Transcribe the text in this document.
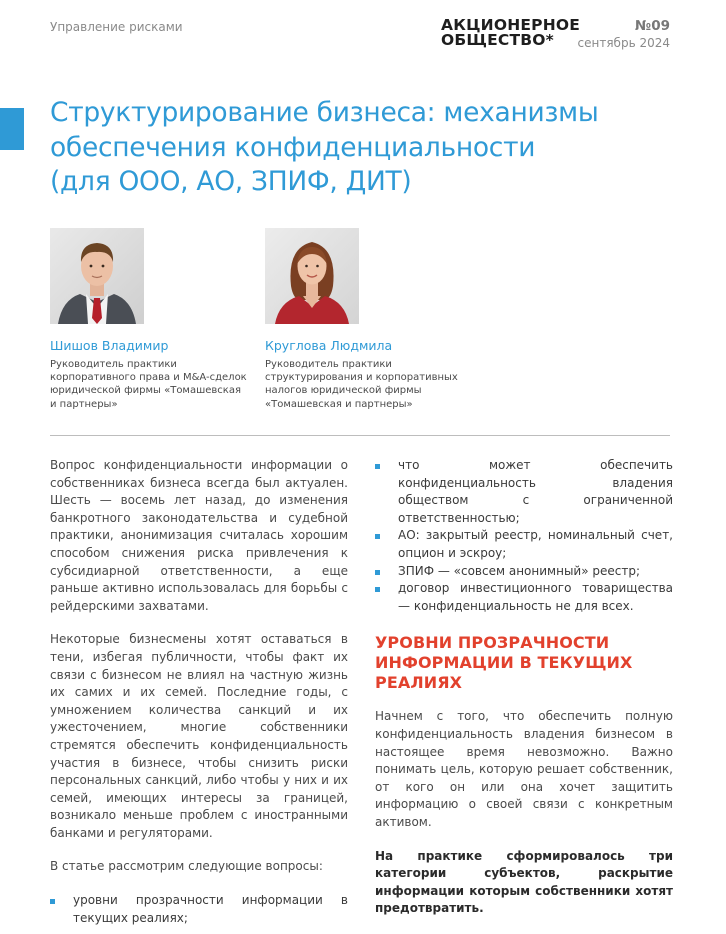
Управление рисками	АКЦИОНЕРНОЕ
ОБЩЕСТВО*
№09
сентябрь 2024
Структурирование бизнеса: механизмы
обеспечения конфиденциальности
(для ООО, АО, ЗПИФ, ДИТ)
Шишов Владимир
Руководитель практики
корпоративного права и M&A-сделок
юридической фирмы «Томашевская
и партнеры»
Круглова Людмила
Руководитель практики
структурирования и корпоративных
налогов юридической фирмы
«Томашевская и партнеры»

Вопрос конфиденциальности информации о собственниках бизнеса всегда был актуален. Шесть — восемь лет назад, до изменения банкротного законодательства и судебной практики, анонимизация считалась хорошим способом снижения риска привлечения к субсидиарной ответственности, а еще раньше активно использовалась для борьбы с рейдерскими захватами.

Некоторые бизнесмены хотят оставаться в тени, избегая публичности, чтобы факт их связи с бизнесом не влиял на частную жизнь их самих и их семей. Последние годы, с умножением количества санкций и их ужесточением, многие собственники стремятся обеспечить конфиденциальность участия в бизнесе, чтобы снизить риски персональных санкций, либо чтобы у них и их семей, имеющих интересы за границей, возникало меньше проблем с иностранными банками и регуляторами.

В статье рассмотрим следующие вопросы:

уровни прозрачности информации в текущих реалиях;
что может обеспечить конфиденциальность владения обществом с ограниченной ответственностью;
АО: закрытый реестр, номинальный счет, опцион и эскроу;
ЗПИФ — «совсем анонимный» реестр;
договор инвестиционного товарищества — конфиденциальность не для всех.
УРОВНИ ПРОЗРАЧНОСТИ
ИНФОРМАЦИИ В ТЕКУЩИХ
РЕАЛИЯХ

Начнем с того, что обеспечить полную конфиденциальность владения бизнесом в настоящее время невозможно. Важно понимать цель, которую решает собственник, от кого он или она хочет защитить информацию о своей связи с конкретным активом.

На практике сформировалось три категории субъектов, раскрытие информации которым собственники хотят предотвратить.
